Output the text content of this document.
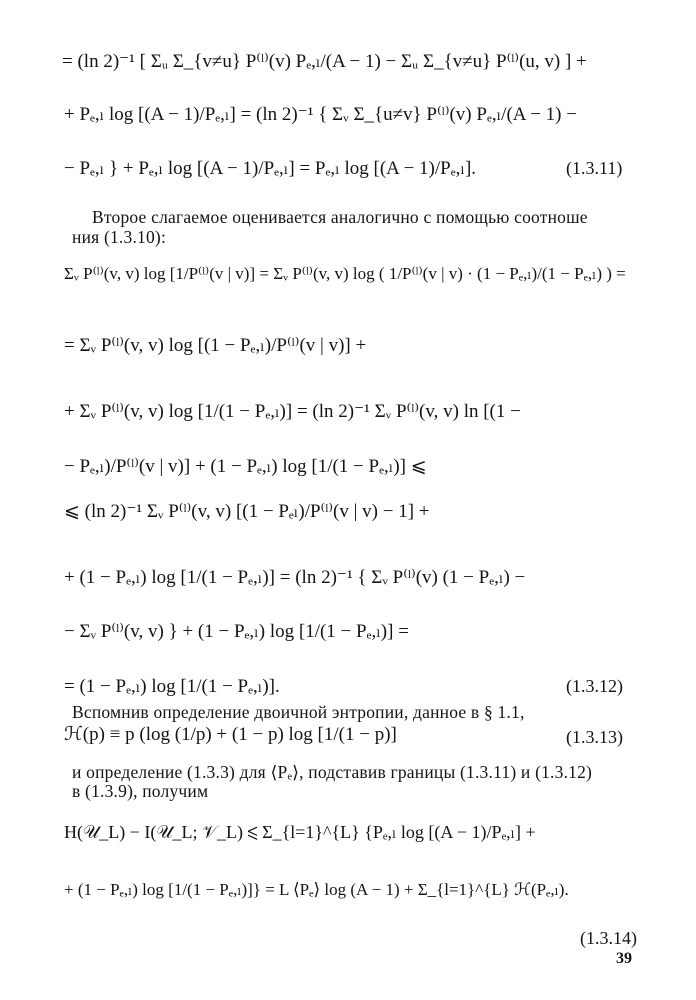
= (ln 2)⁻¹ [ Σᵤ Σ_{v≠u} P⁽ˡ⁾(v) Pₑ,ₗ/(A − 1) − Σᵤ Σ_{v≠u} P⁽ˡ⁾(u, v) ] +
+ Pₑ,ₗ log [(A − 1)/Pₑ,ₗ] = (ln 2)⁻¹ { Σᵥ Σ_{u≠v} P⁽ˡ⁾(v) Pₑ,ₗ/(A − 1) −
− Pₑ,ₗ } + Pₑ,ₗ log [(A − 1)/Pₑ,ₗ] = Pₑ,ₗ log [(A − 1)/Pₑ,ₗ].	(1.3.11)
Второе слагаемое оценивается аналогично с помощью соотноше
ния (1.3.10):
Σᵥ P⁽ˡ⁾(v, v) log [1/P⁽ˡ⁾(v | v)] = Σᵥ P⁽ˡ⁾(v, v) log ( 1/P⁽ˡ⁾(v | v) · (1 − Pₑ,ₗ)/(1 − Pₑ,ₗ) ) =
= Σᵥ P⁽ˡ⁾(v, v) log [(1 − Pₑ,ₗ)/P⁽ˡ⁾(v | v)] +
+ Σᵥ P⁽ˡ⁾(v, v) log [1/(1 − Pₑ,ₗ)] = (ln 2)⁻¹ Σᵥ P⁽ˡ⁾(v, v) ln [(1 −
− Pₑ,ₗ)/P⁽ˡ⁾(v | v)] + (1 − Pₑ,ₗ) log [1/(1 − Pₑ,ₗ)] ⩽
⩽ (ln 2)⁻¹ Σᵥ P⁽ˡ⁾(v, v) [(1 − Pₑₗ)/P⁽ˡ⁾(v | v) − 1] +
+ (1 − Pₑ,ₗ) log [1/(1 − Pₑ,ₗ)] = (ln 2)⁻¹ { Σᵥ P⁽ˡ⁾(v) (1 − Pₑ,ₗ) −
− Σᵥ P⁽ˡ⁾(v, v) } + (1 − Pₑ,ₗ) log [1/(1 − Pₑ,ₗ)] =
= (1 − Pₑ,ₗ) log [1/(1 − Pₑ,ₗ)].	(1.3.12)
Вспомнив определение двоичной энтропии, данное в § 1.1,
ℋ(p) ≡ p (log (1/p) + (1 − p) log [1/(1 − p)]	(1.3.13)
и определение (1.3.3) для ⟨Pₑ⟩, подставив границы (1.3.11) и (1.3.12)
в (1.3.9), получим
H(𝒰_L) − I(𝒰_L; 𝒱_L) ⩽ Σ_{l=1}^{L} {Pₑ,ₗ log [(A − 1)/Pₑ,ₗ] +
+ (1 − Pₑ,ₗ) log [1/(1 − Pₑ,ₗ)]} = L ⟨Pₑ⟩ log (A − 1) + Σ_{l=1}^{L} ℋ(Pₑ,ₗ).
(1.3.14)
39
